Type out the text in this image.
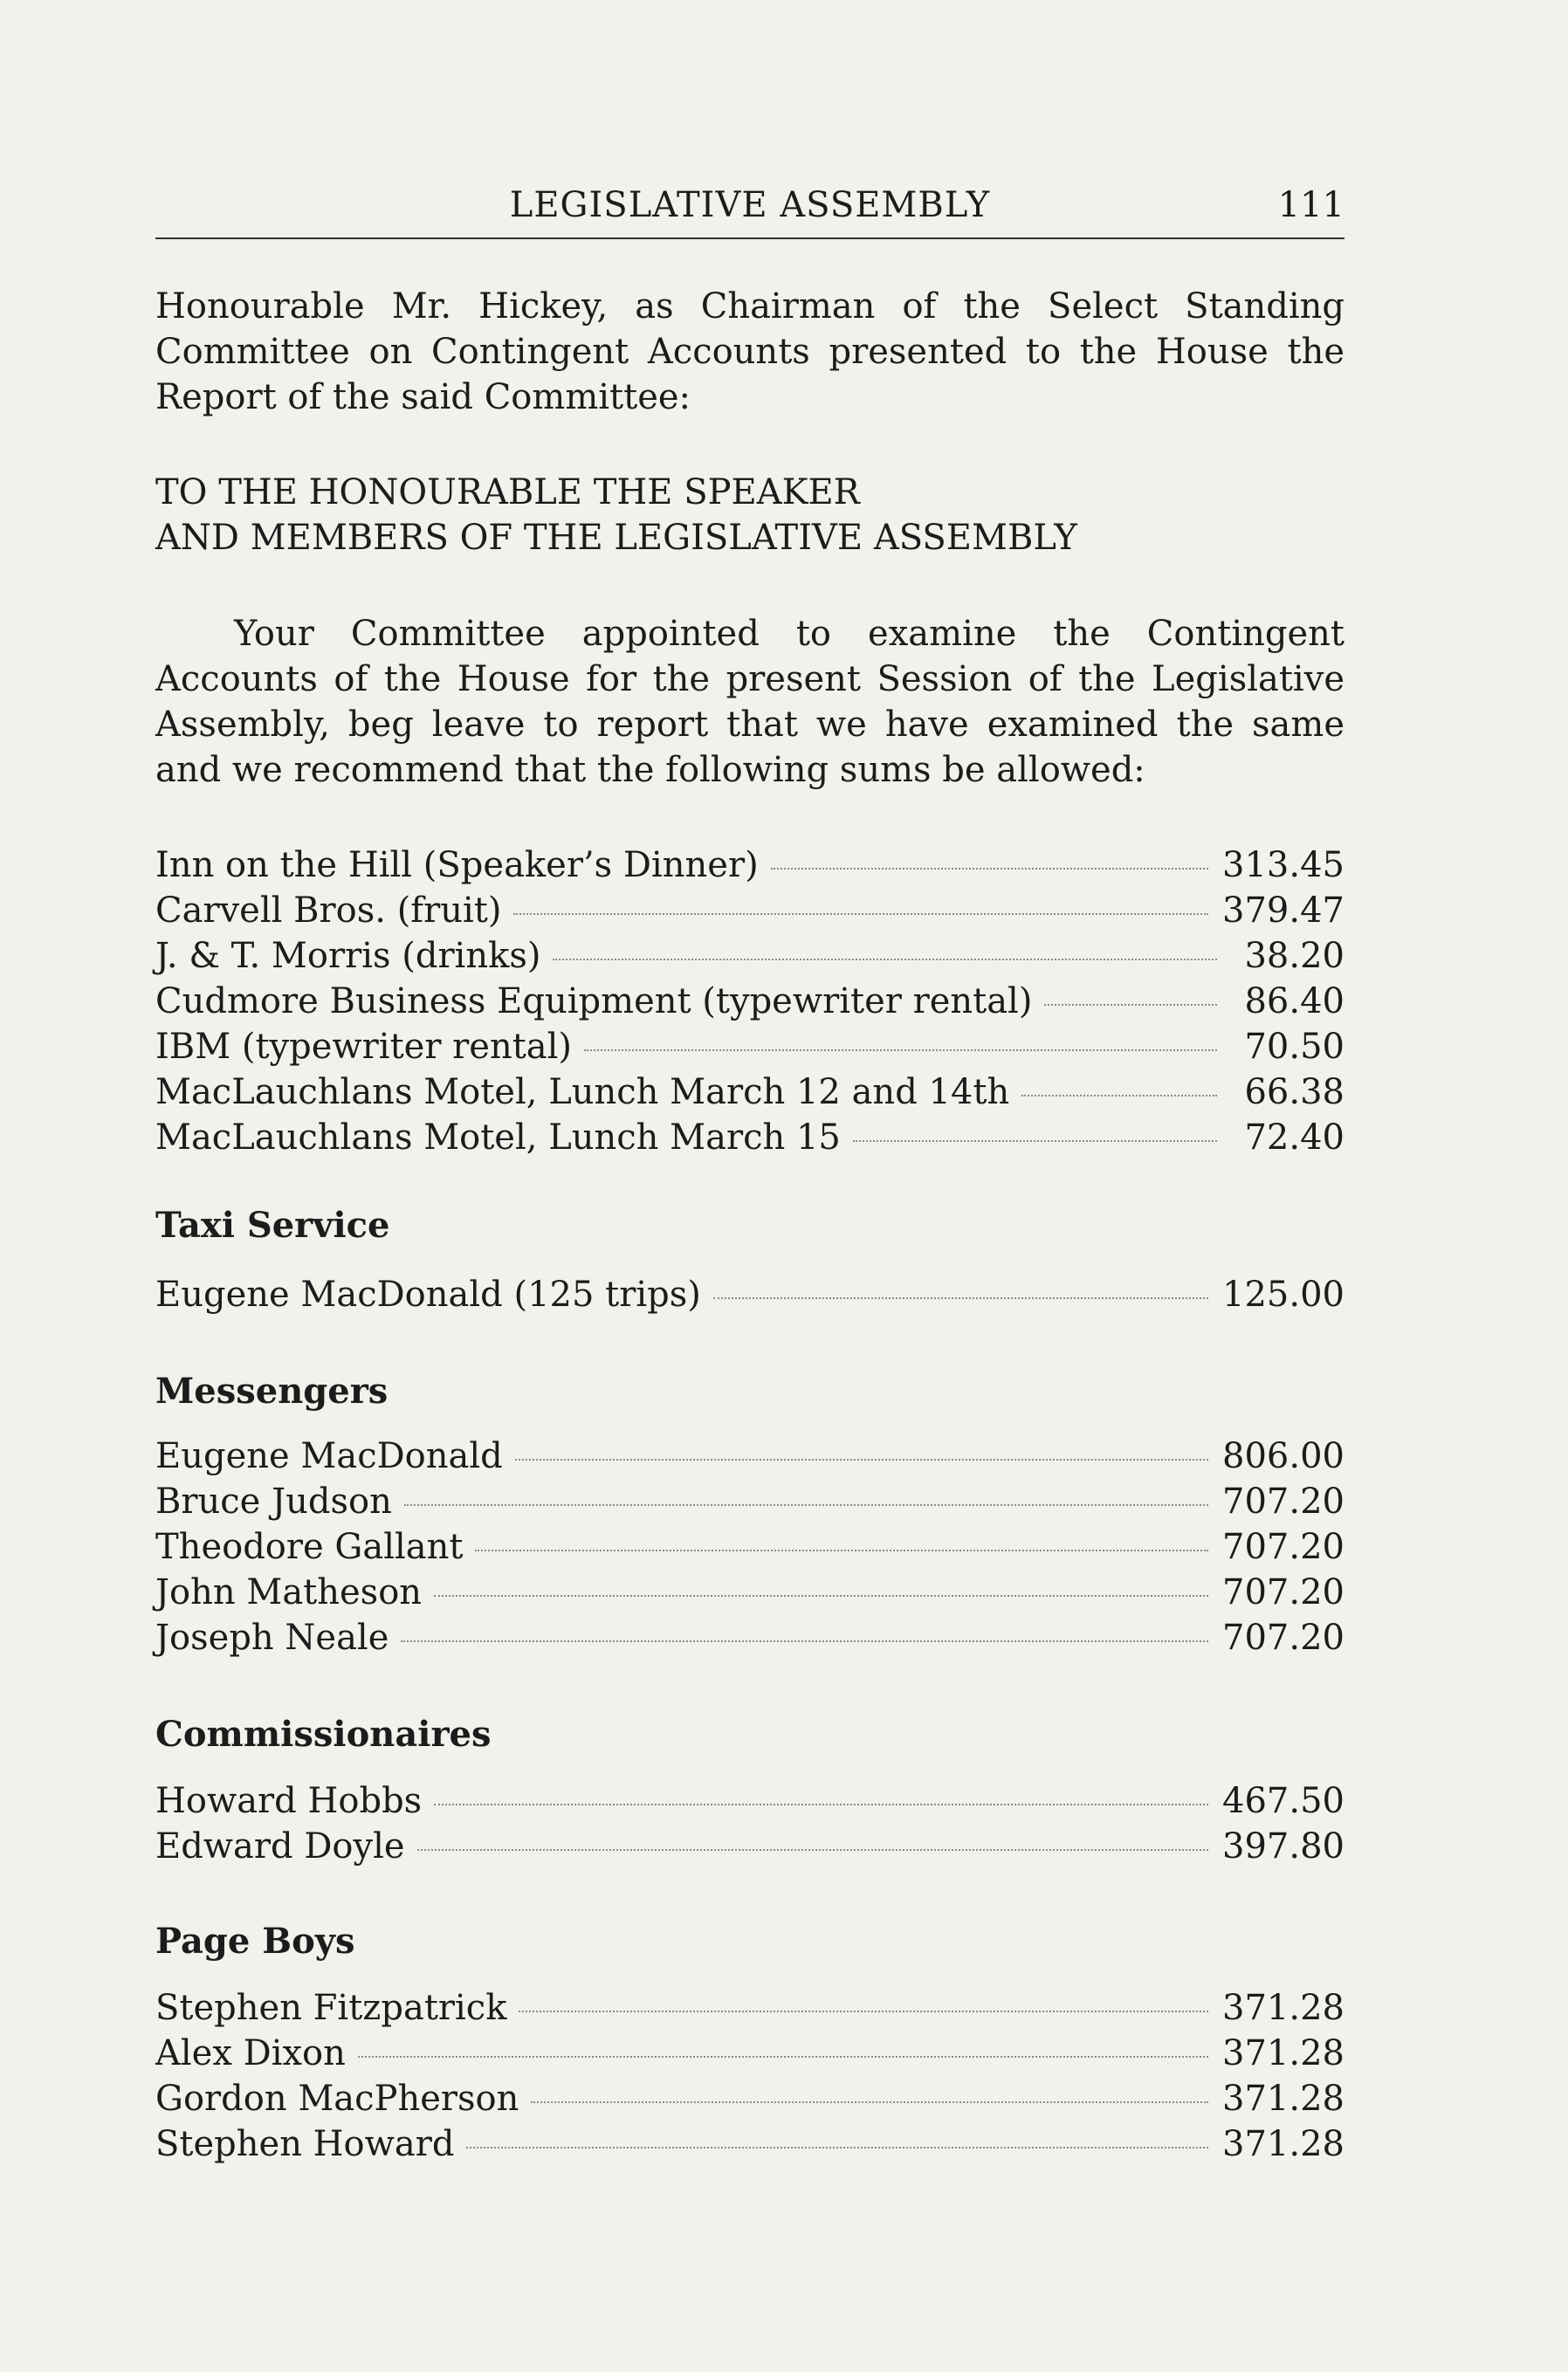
LEGISLATIVE ASSEMBLY	111
Honourable Mr. Hickey, as Chairman of the Select Standing Committee on Contingent Accounts presented to the House the Report of the said Committee:
TO THE HONOURABLE THE SPEAKER
AND MEMBERS OF THE LEGISLATIVE ASSEMBLY
Your Committee appointed to examine the Contingent Accounts of the House for the present Session of the Legislative Assembly, beg leave to report that we have examined the same and we recommend that the following sums be allowed:
Inn on the Hill (Speaker’s Dinner)	313.45
Carvell Bros. (fruit)	379.47
J. & T. Morris (drinks)	38.20
Cudmore Business Equipment (typewriter rental)	86.40
IBM (typewriter rental)	70.50
MacLauchlans Motel, Lunch March 12 and 14th	66.38
MacLauchlans Motel, Lunch March 15	72.40
Taxi Service
Eugene MacDonald (125 trips)	125.00
Messengers
Eugene MacDonald	806.00
Bruce Judson	707.20
Theodore Gallant	707.20
John Matheson	707.20
Joseph Neale	707.20
Commissionaires
Howard Hobbs	467.50
Edward Doyle	397.80
Page Boys
Stephen Fitzpatrick	371.28
Alex Dixon	371.28
Gordon MacPherson	371.28
Stephen Howard	371.28
